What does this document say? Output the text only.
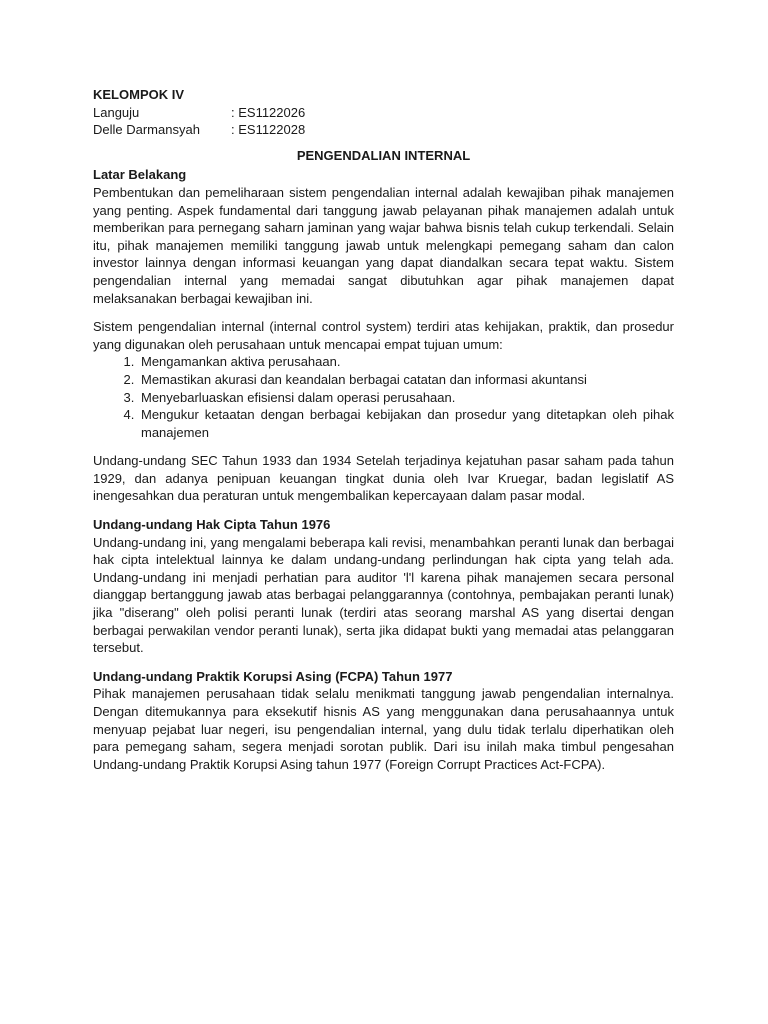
KELOMPOK IV
Languju	: ES1122026
Delle Darmansyah	: ES1122028
PENGENDALIAN INTERNAL
Latar Belakang

Pembentukan dan pemeliharaan sistem pengendalian internal adalah kewajiban pihak manajemen yang penting. Aspek fundamental dari tanggung jawab pelayanan pihak manajemen adalah untuk memberikan para pernegang saharn jaminan yang wajar bahwa bisnis telah cukup terkendali. Selain itu, pihak manajemen memiliki tanggung jawab untuk melengkapi pemegang saham dan calon investor lainnya dengan informasi keuangan yang dapat diandalkan secara tepat waktu. Sistem pengendalian internal yang memadai sangat dibutuhkan agar pihak manajemen dapat melaksanakan berbagai kewajiban ini.

Sistem pengendalian internal (internal control system) terdiri atas kehijakan, praktik, dan prosedur yang digunakan oleh perusahaan untuk mencapai empat tujuan umum:

1. Mengamankan aktiva perusahaan.
2. Memastikan akurasi dan keandalan berbagai catatan dan informasi akuntansi
3. Menyebarluaskan efisiensi dalam operasi perusahaan.
4. Mengukur ketaatan dengan berbagai kebijakan dan prosedur yang ditetapkan oleh pihak manajemen

Undang-undang SEC Tahun 1933 dan 1934 Setelah terjadinya kejatuhan pasar saham pada tahun 1929, dan adanya penipuan keuangan tingkat dunia oleh Ivar Kruegar, badan legislatif AS inengesahkan dua peraturan untuk mengembalikan kepercayaan dalam pasar modal.

Undang-undang Hak Cipta Tahun 1976

Undang-undang ini, yang mengalami beberapa kali revisi, menambahkan peranti lunak dan berbagai hak cipta intelektual lainnya ke dalam undang-undang perlindungan hak cipta yang telah ada. Undang-undang ini menjadi perhatian para auditor 'l'l karena pihak manajemen secara personal dianggap bertanggung jawab atas berbagai pelanggarannya (contohnya, pembajakan peranti lunak) jika "diserang" oleh polisi peranti lunak (terdiri atas seorang marshal AS yang disertai dengan berbagai perwakilan vendor peranti lunak), serta jika didapat bukti yang memadai atas pelanggaran tersebut.

Undang-undang Praktik Korupsi Asing (FCPA) Tahun 1977

Pihak manajemen perusahaan tidak selalu menikmati tanggung jawab pengendalian internalnya. Dengan ditemukannya para eksekutif hisnis AS yang menggunakan dana perusahaannya untuk menyuap pejabat luar negeri, isu pengendalian internal, yang dulu tidak terlalu diperhatikan oleh para pemegang saham, segera menjadi sorotan publik. Dari isu inilah maka timbul pengesahan Undang-undang Praktik Korupsi Asing tahun 1977 (Foreign Corrupt Practices Act-FCPA).
